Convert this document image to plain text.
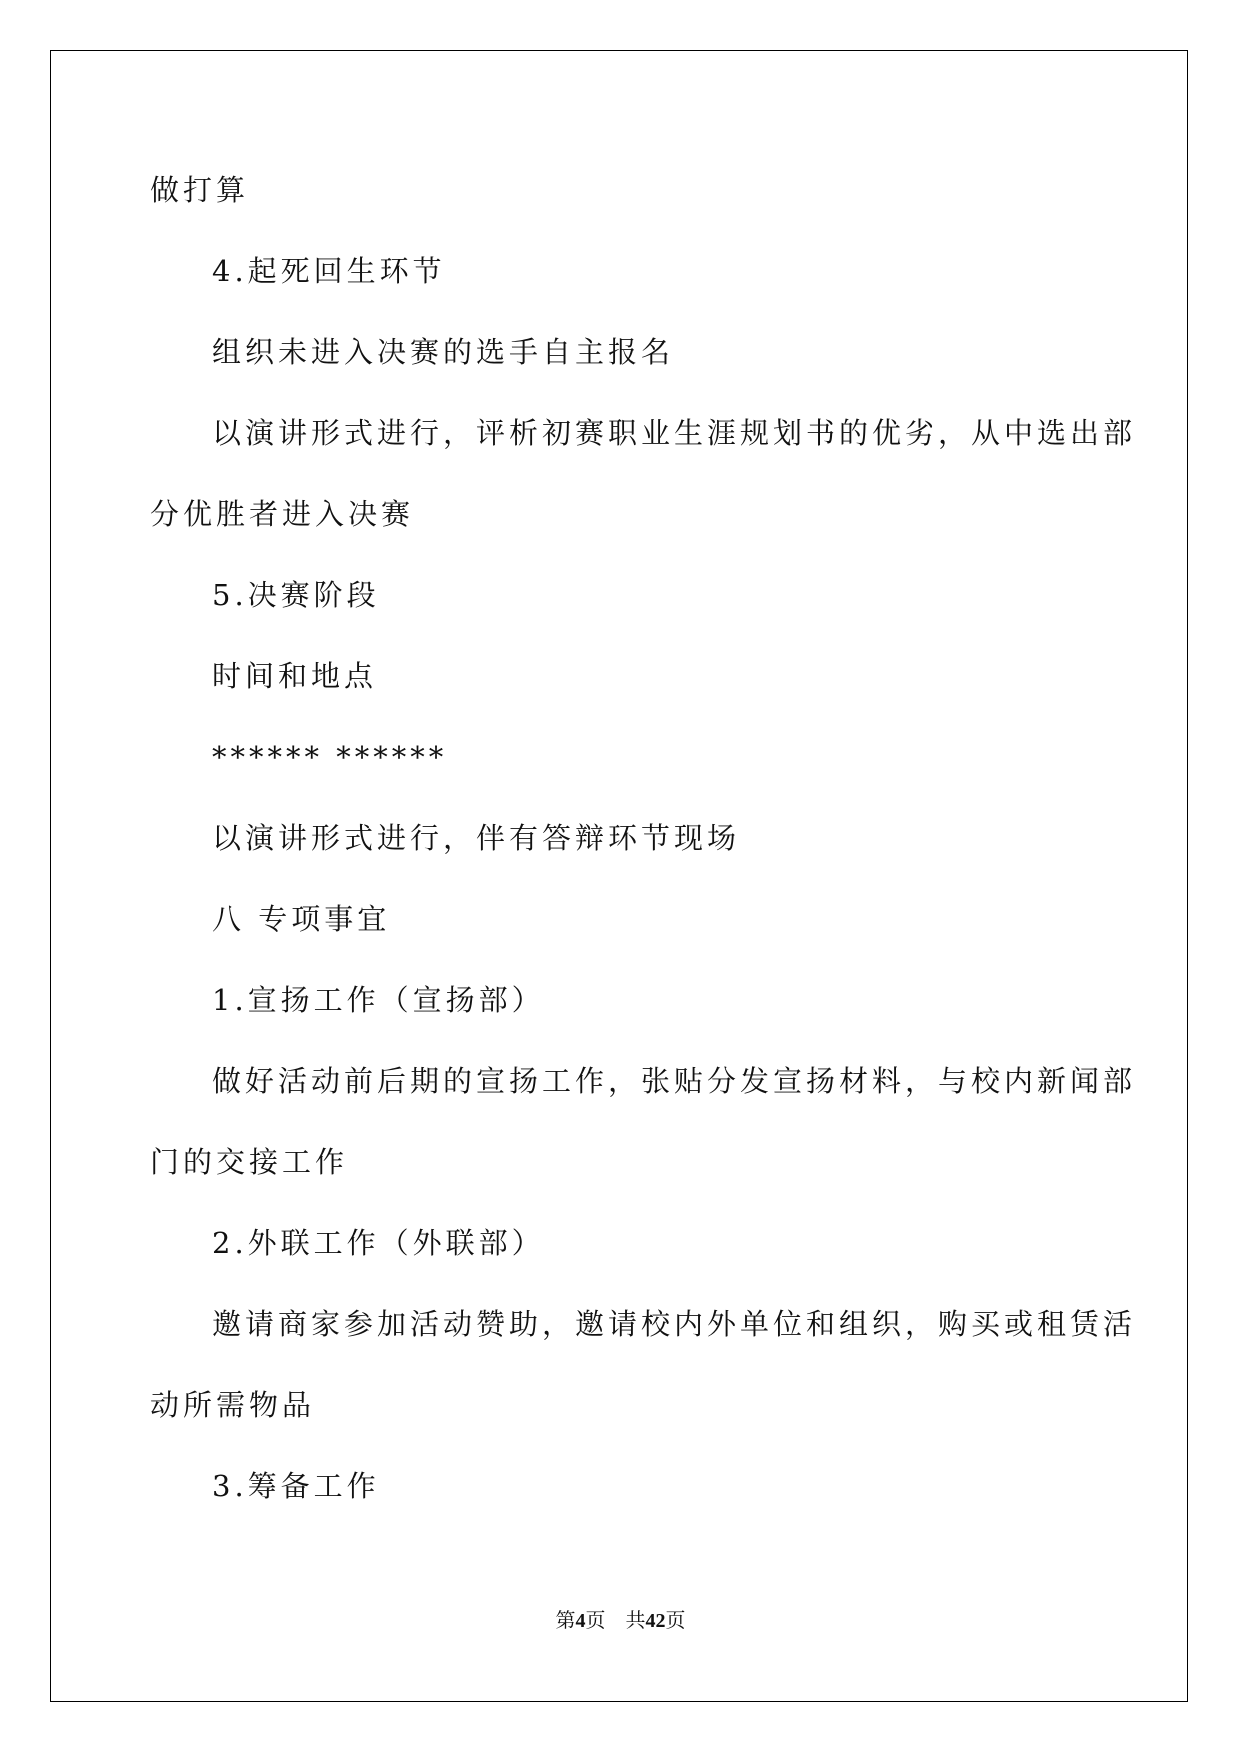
做打算

4.起死回生环节

组织未进入决赛的选手自主报名

以演讲形式进行，评析初赛职业生涯规划书的优劣，从中选出部

分优胜者进入决赛

5.决赛阶段

时间和地点

****** ******

以演讲形式进行，伴有答辩环节现场

八 专项事宜

1.宣扬工作（宣扬部）

做好活动前后期的宣扬工作，张贴分发宣扬材料，与校内新闻部

门的交接工作

2.外联工作（外联部）

邀请商家参加活动赞助，邀请校内外单位和组织，购买或租赁活

动所需物品

3.筹备工作

第4页 共42页
